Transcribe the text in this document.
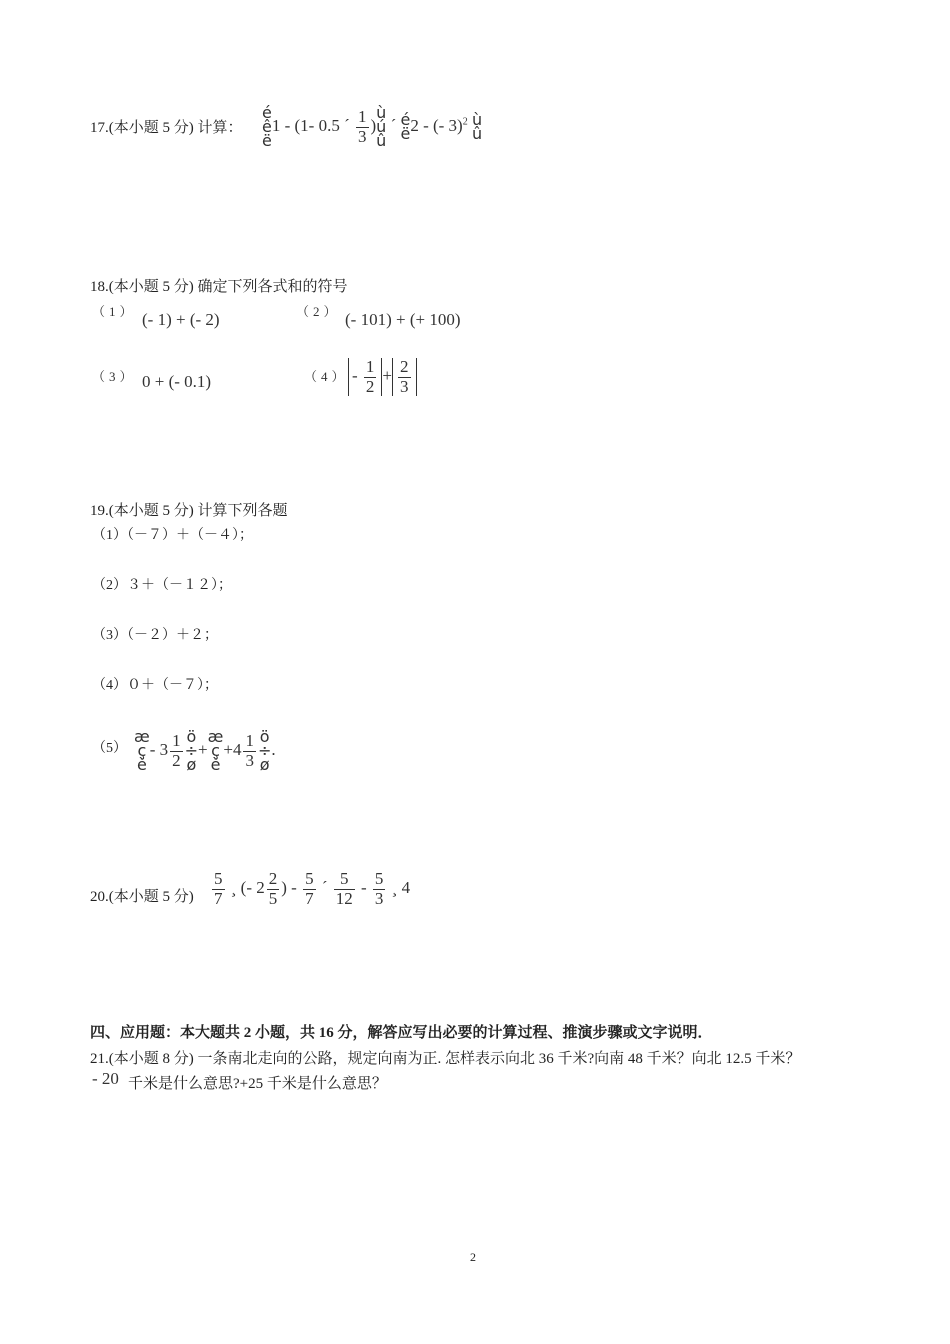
17.(本小题 5 分) 计算：
é
ê
ë
1 - (1- 0.5 ´ $\frac{1}{3}$ )
ù
ú
û
´ é
ë 2 - (- 3)$^2$ ù
û
18.(本小题 5 分) 确定下列各式和的符号
（1） (- 1) + (- 2)	（2） (- 101) + (+ 100)
（3） 0 + (- 0.1)	$(4) - \frac{1}{2} + \frac{2}{3}$
19.(本小题 5 分) 计算下列各题
（1）（－７）＋（－４）；
（2）３＋（－１２）；
（3）（－２）＋２；
（4）０＋（－７）；
（5）
æ
ç
è
- $3 \frac{1}{2}$ ö
÷
ø
+
æ
ç
è
$+4 \frac{1}{3}$ ö
÷
ø
.
20.(本小题 5 分) $\frac{5}{7}$ ¸ (- $2 \frac{2}{5}$ ) - $\frac{5}{7}$ ´ $\frac{5}{12} - \frac{5}{3}$ ¸ 4
四、应用题：本大题共 2 小题，共 16 分，解答应写出必要的计算过程、推演步骤或文字说明．
21.(本小题 8 分) 一条南北走向的公路，规定向南为正. 怎样表示向北 36 千米?向南 48 千米？向北 12.5 千米？
- 20 千米是什么意思?+25 千米是什么意思？
2
